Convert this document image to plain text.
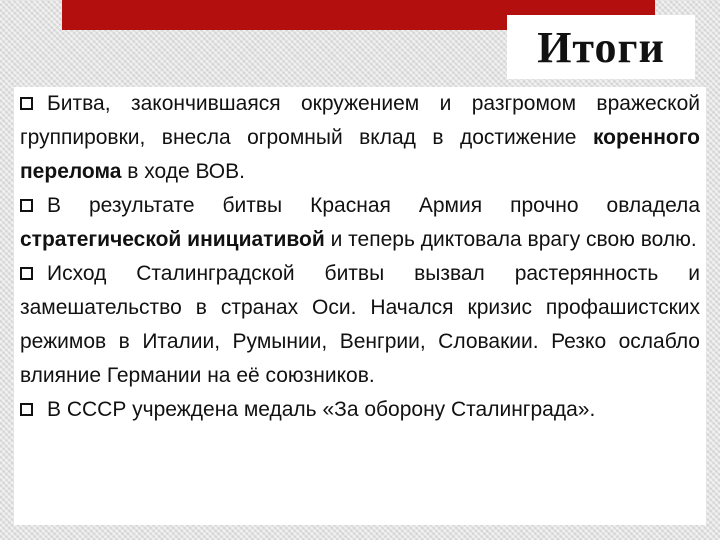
Итоги
Битва, закончившаяся окружением и разгромом вражеской группировки, внесла огромный вклад в достижение коренного перелома в ходе ВОВ.
В результате битвы Красная Армия прочно овладела стратегической инициативой и теперь диктовала врагу свою волю.
Исход Сталинградской битвы вызвал растерянность и замешательство в странах Оси. Начался кризис профашистских режимов в Италии, Румынии, Венгрии, Словакии. Резко ослабло влияние Германии на её союзников.
В СССР учреждена медаль «За оборону Сталинграда».
